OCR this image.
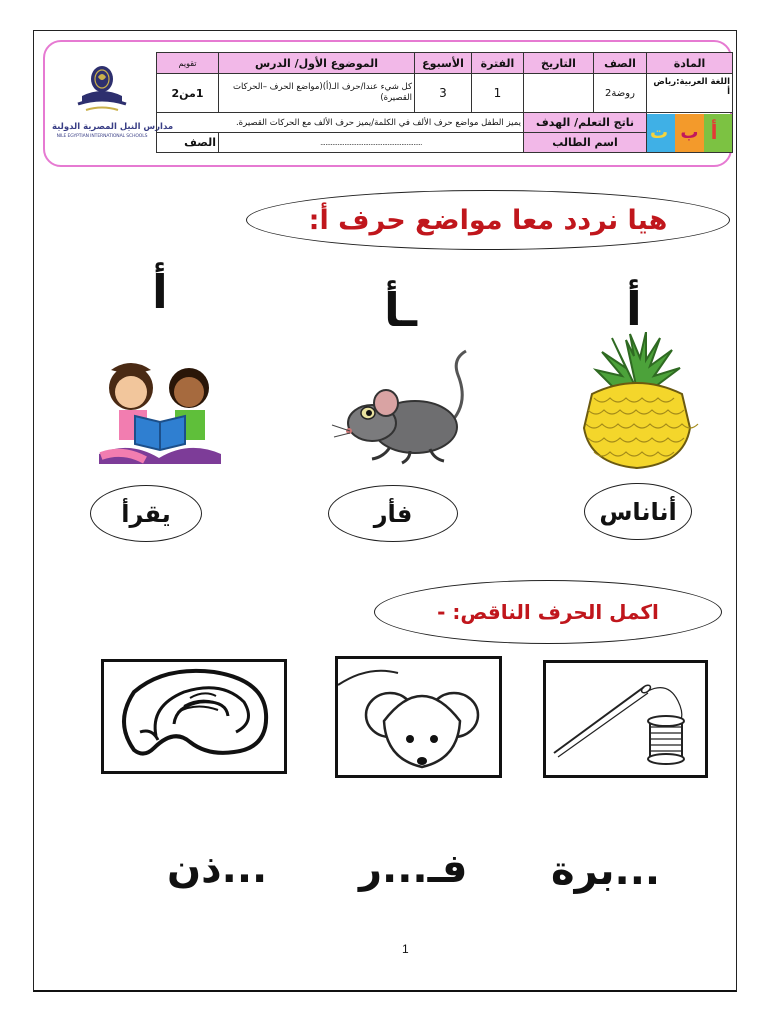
مدارس النيل المصرية الدولية
NILE EGYPTIAN INTERNATIONAL SCHOOLS
المادة	الصف	التاريخ	الفترة	الأسبوع	الموضوع الأول/ الدرس	تقويم
اللغة العربية:رياض أ	روضة2		1	3	كل شيء عندا/حرف الـ(أ)(مواضع الحرف –الحركات القصيرة)	1من2

ت ب أ	ناتج التعلم/ الهدف		يميز الطفل مواضع حرف الألف في الكلمة/يميز حرف الألف مع الحركات القصيرة.			
	اسم الطالب		...........................................................			الصف
هيا نردد معا مواضع حرف أ:
أ
ـأ
أ
أناناس
فأر
يقرأ
اكمل الحرف الناقص: -
...برة
فـ...ر
...ذن
1
